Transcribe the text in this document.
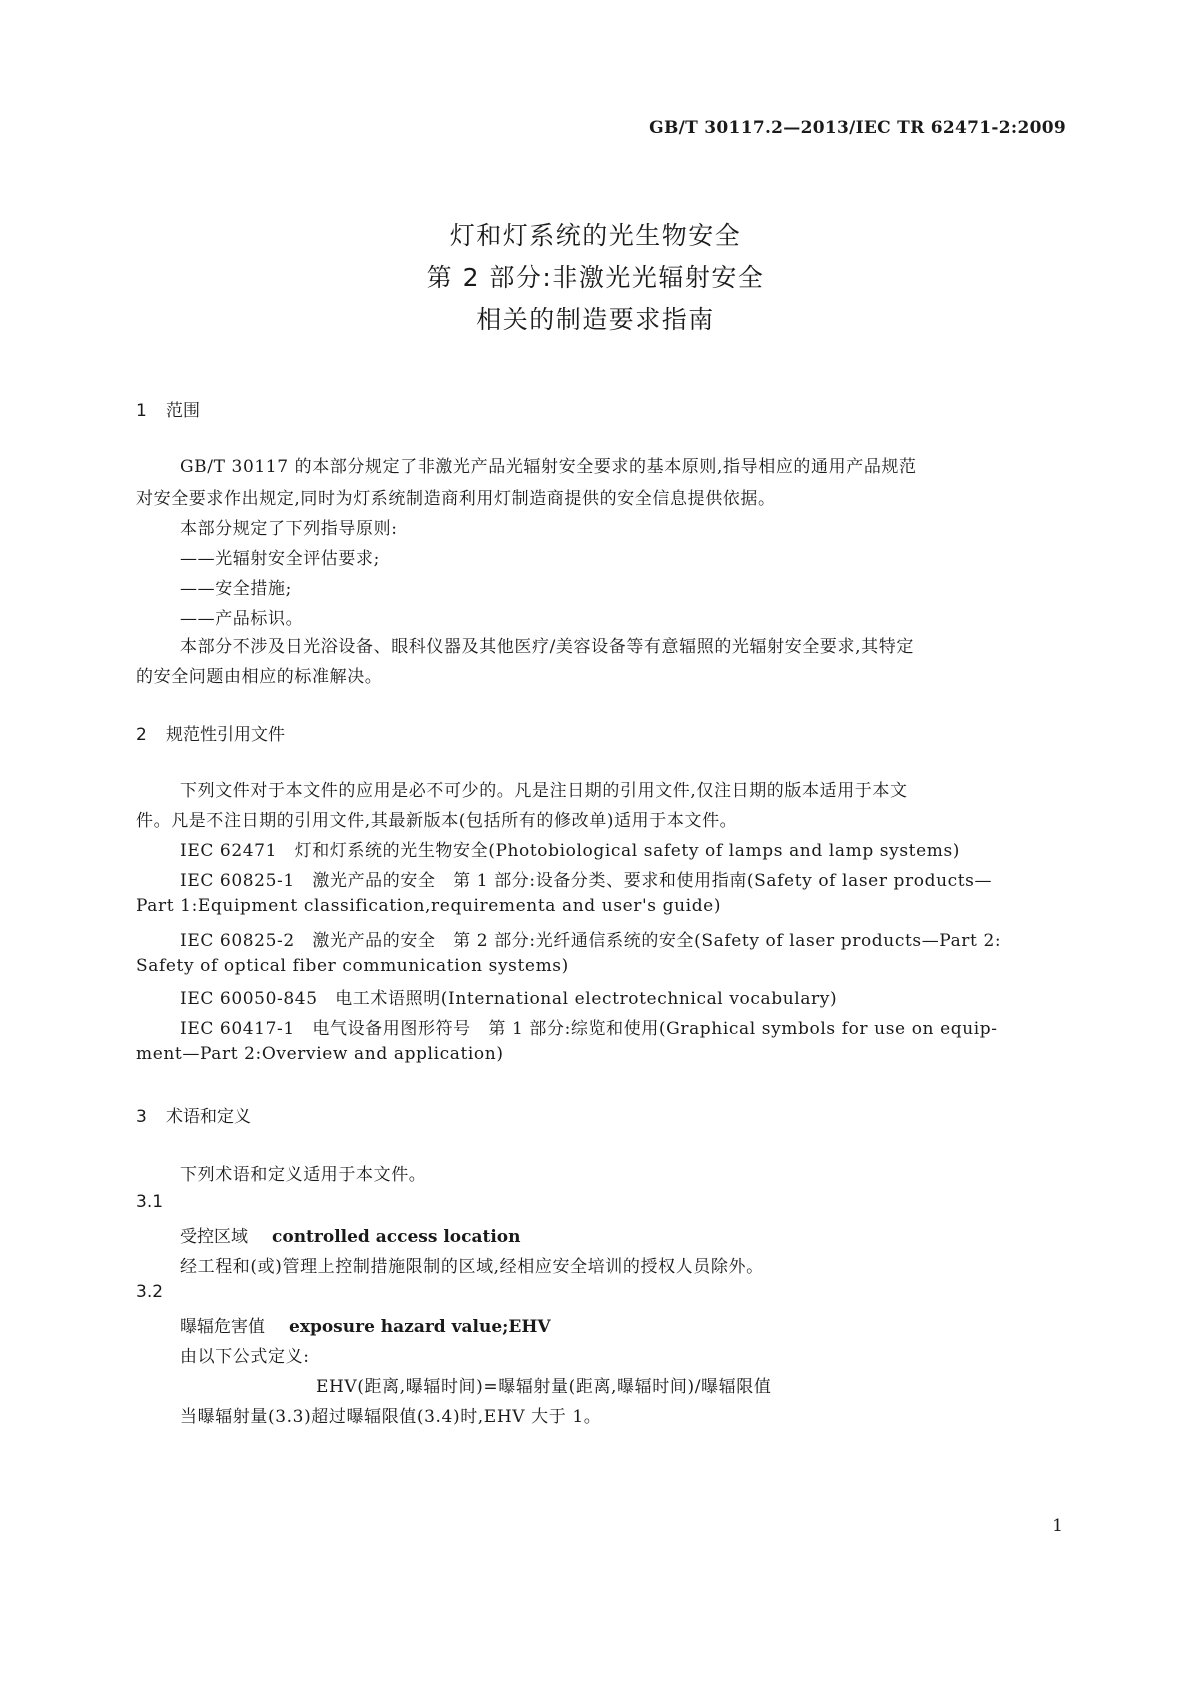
GB/T 30117.2—2013/IEC TR 62471-2:2009
灯和灯系统的光生物安全
第 2 部分:非激光光辐射安全
相关的制造要求指南
1 范围
GB/T 30117 的本部分规定了非激光产品光辐射安全要求的基本原则,指导相应的通用产品规范
对安全要求作出规定,同时为灯系统制造商利用灯制造商提供的安全信息提供依据。
本部分规定了下列指导原则:
——光辐射安全评估要求;
——安全措施;
——产品标识。
本部分不涉及日光浴设备、眼科仪器及其他医疗/美容设备等有意辐照的光辐射安全要求,其特定
的安全问题由相应的标准解决。
2 规范性引用文件
下列文件对于本文件的应用是必不可少的。凡是注日期的引用文件,仅注日期的版本适用于本文
件。凡是不注日期的引用文件,其最新版本(包括所有的修改单)适用于本文件。
IEC 62471　灯和灯系统的光生物安全(Photobiological safety of lamps and lamp systems)
IEC 60825-1　激光产品的安全　第 1 部分:设备分类、要求和使用指南(Safety of laser products—
Part 1:Equipment classification,requirementa and user's guide)
IEC 60825-2　激光产品的安全　第 2 部分:光纤通信系统的安全(Safety of laser products—Part 2:
Safety of optical fiber communication systems)
IEC 60050-845　电工术语照明(International electrotechnical vocabulary)
IEC 60417-1　电气设备用图形符号　第 1 部分:综览和使用(Graphical symbols for use on equip-
ment—Part 2:Overview and application)
3 术语和定义
下列术语和定义适用于本文件。
3.1
受控区域 controlled access location
经工程和(或)管理上控制措施限制的区域,经相应安全培训的授权人员除外。
3.2
曝辐危害值 exposure hazard value;EHV
由以下公式定义:
EHV(距离,曝辐时间)=曝辐射量(距离,曝辐时间)/曝辐限值
当曝辐射量(3.3)超过曝辐限值(3.4)时,EHV 大于 1。
1
